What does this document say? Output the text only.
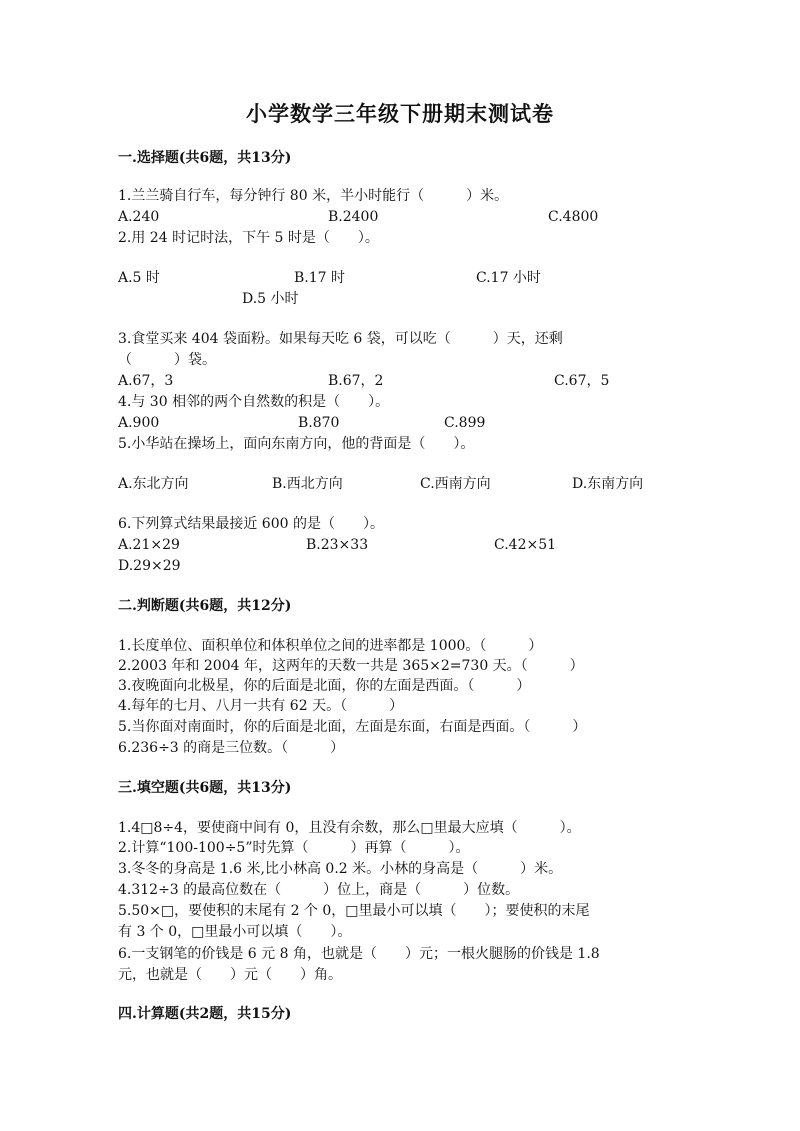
小学数学三年级下册期末测试卷
一.选择题(共6题，共13分)
1.兰兰骑自行车，每分钟行 80 米，半小时能行（　　　）米。
A.240	B.2400	C.4800
2.用 24 时记时法，下午 5 时是（　　）。
A.5 时	B.17 时	C.17 小时
D.5 小时
3.食堂买来 404 袋面粉。如果每天吃 6 袋，可以吃（　　　）天，还剩
（　　　）袋。
A.67，3	B.67，2	C.67，5
4.与 30 相邻的两个自然数的积是（　　）。
A.900	B.870	C.899
5.小华站在操场上，面向东南方向，他的背面是（　　）。
A.东北方向	B.西北方向	C.西南方向	D.东南方向
6.下列算式结果最接近 600 的是（　　）。
A.21×29	B.23×33	C.42×51
D.29×29
二.判断题(共6题，共12分)
1.长度单位、面积单位和体积单位之间的进率都是 1000。（　　　）
2.2003 年和 2004 年，这两年的天数一共是 365×2=730 天。（　　　）
3.夜晚面向北极星，你的后面是北面，你的左面是西面。（　　　）
4.每年的七月、八月一共有 62 天。（　　　）
5.当你面对南面时，你的后面是北面，左面是东面，右面是西面。（　　　）
6.236÷3 的商是三位数。（　　　）
三.填空题(共6题，共13分)
1.4□8÷4，要使商中间有 0，且没有余数，那么□里最大应填（　　　）。
2.计算“100-100÷5”时先算（　　　）再算（　　　）。
3.冬冬的身高是 1.6 米,比小林高 0.2 米。小林的身高是（　　　）米。
4.312÷3 的最高位数在（　　　）位上，商是（　　　）位数。
5.50×□，要使积的末尾有 2 个 0，□里最小可以填（　　）；要使积的末尾
有 3 个 0，□里最小可以填（　　）。
6.一支钢笔的价钱是 6 元 8 角，也就是（　　）元；一根火腿肠的价钱是 1.8
元，也就是（　　）元（　　）角。
四.计算题(共2题，共15分)
